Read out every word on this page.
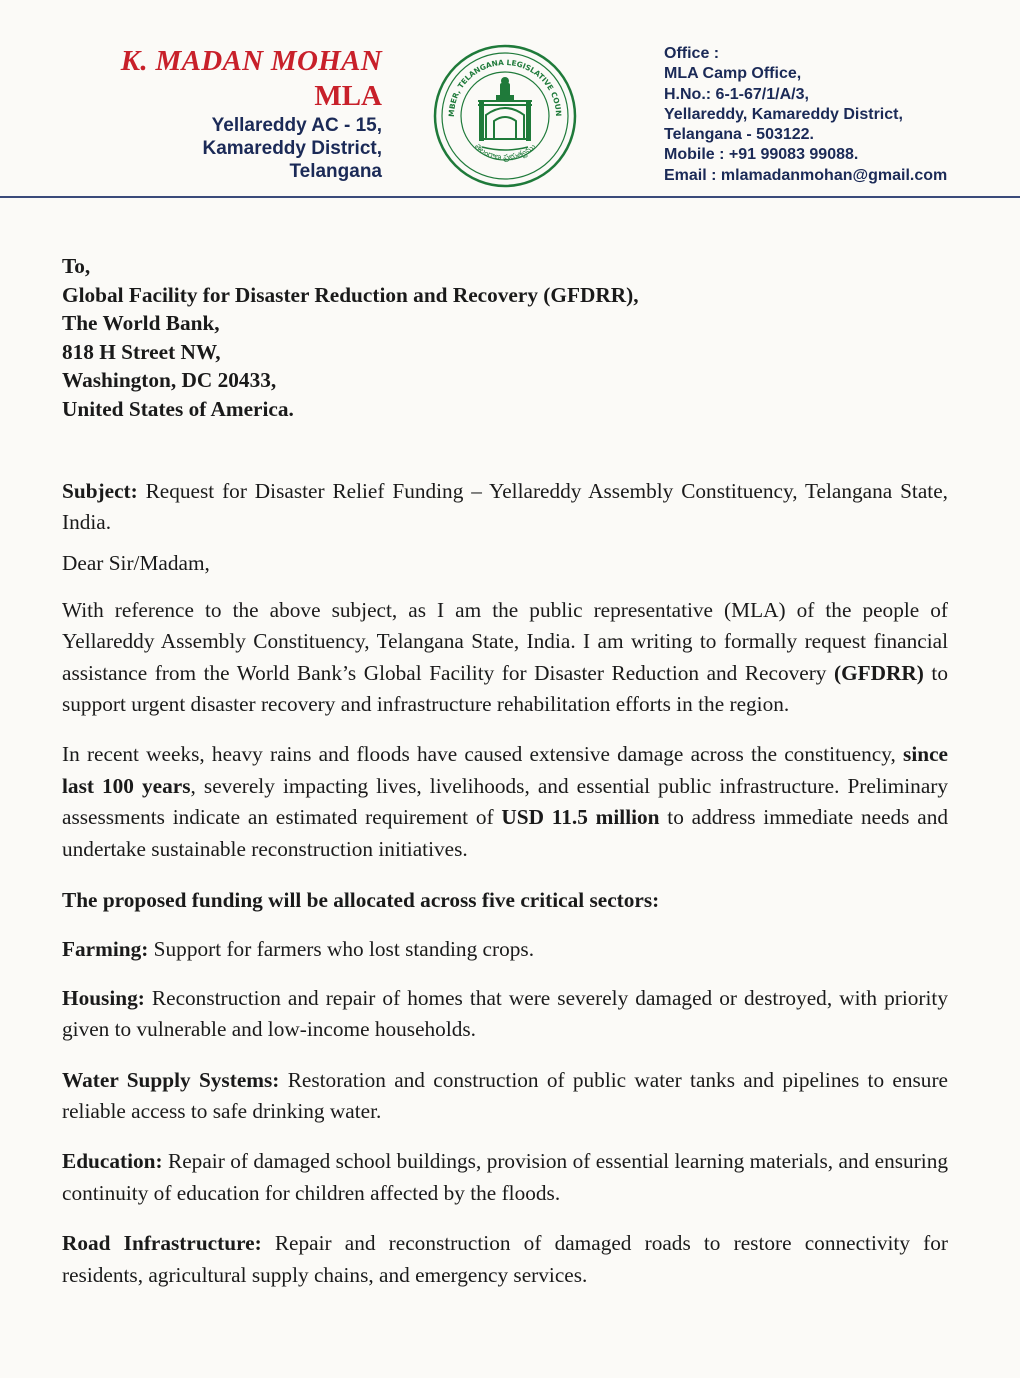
K. MADAN MOHAN
MLA
Yellareddy AC - 15,
Kamareddy District,
Telangana
MBER, TELANGANA LEGISLATIVE COUN
తెలంగాణ ప్రభుత్వము
Office :
MLA Camp Office,
H.No.: 6-1-67/1/A/3,
Yellareddy, Kamareddy District,
Telangana - 503122.
Mobile : +91 99083 99088.
Email : mlamadanmohan@gmail.com

To,

Global Facility for Disaster Reduction and Recovery (GFDRR),

The World Bank,

818 H Street NW,

Washington, DC 20433,

United States of America.

Subject: Request for Disaster Relief Funding – Yellareddy Assembly Constituency, Telangana State, India.

Dear Sir/Madam,

With reference to the above subject, as I am the public representative (MLA) of the people of Yellareddy Assembly Constituency, Telangana State, India. I am writing to formally request financial assistance from the World Bank’s Global Facility for Disaster Reduction and Recovery (GFDRR) to support urgent disaster recovery and infrastructure rehabilitation efforts in the region.

In recent weeks, heavy rains and floods have caused extensive damage across the constituency, since last 100 years, severely impacting lives, livelihoods, and essential public infrastructure. Preliminary assessments indicate an estimated requirement of USD 11.5 million to address immediate needs and undertake sustainable reconstruction initiatives.

The proposed funding will be allocated across five critical sectors:

Farming: Support for farmers who lost standing crops.

Housing: Reconstruction and repair of homes that were severely damaged or destroyed, with priority given to vulnerable and low-income households.

Water Supply Systems: Restoration and construction of public water tanks and pipelines to ensure reliable access to safe drinking water.

Education: Repair of damaged school buildings, provision of essential learning materials, and ensuring continuity of education for children affected by the floods.

Road Infrastructure: Repair and reconstruction of damaged roads to restore connectivity for residents, agricultural supply chains, and emergency services.
